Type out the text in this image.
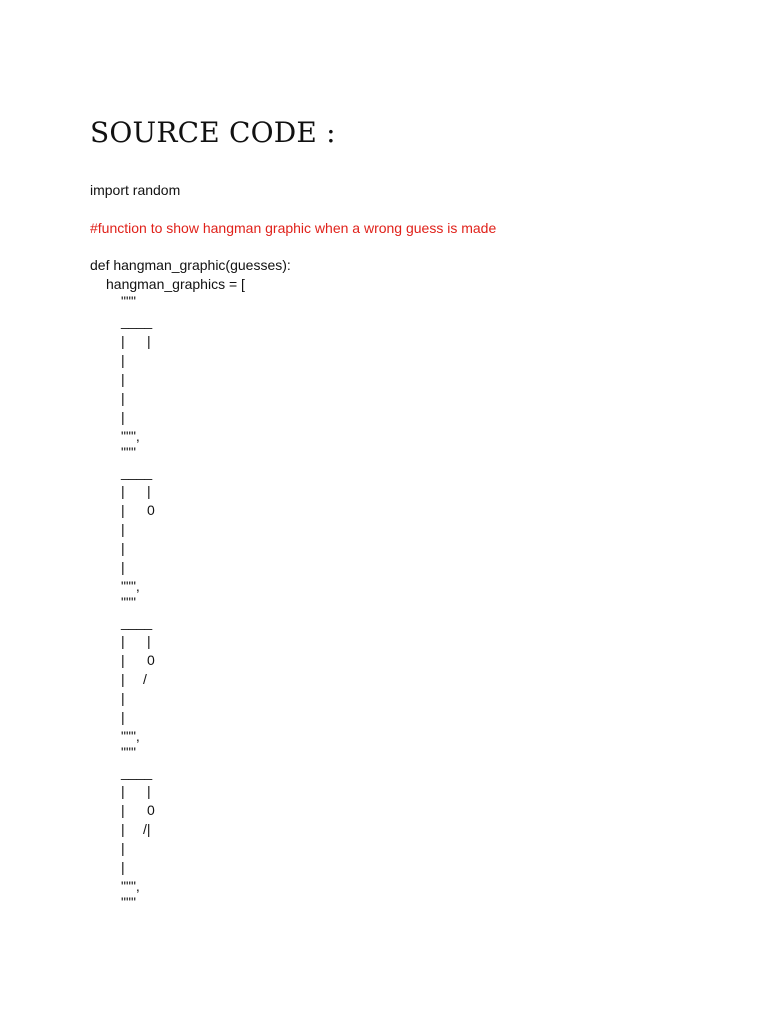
SOURCE CODE :
import random
#function to show hangman graphic when a wrong guess is made
def hangman_graphic(guesses):
hangman_graphics = [
"""
____

|

|

|
|
|
|
""",
"""
____

|

|

|

0

|
|
|
""",
"""
____

|

|

|

0

|

/

|
|
""",
"""
____

|

|

|

0

|

/|

|
|
""",
"""
